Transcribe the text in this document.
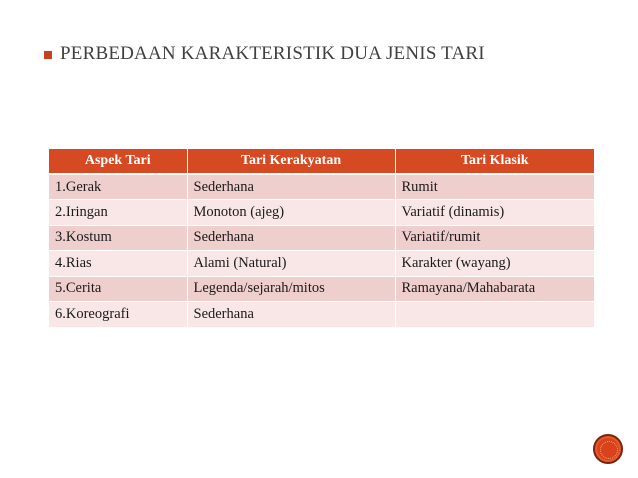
PERBEDAAN KARAKTERISTIK DUA JENIS TARI
Aspek Tari	Tari Kerakyatan	Tari Klasik
1.Gerak	Sederhana	Rumit
2.Iringan	Monoton (ajeg)	Variatif (dinamis)
3.Kostum	Sederhana	Variatif/rumit
4.Rias	Alami (Natural)	Karakter (wayang)
5.Cerita	Legenda/sejarah/mitos	Ramayana/Mahabarata
6.Koreografi	Sederhana	
